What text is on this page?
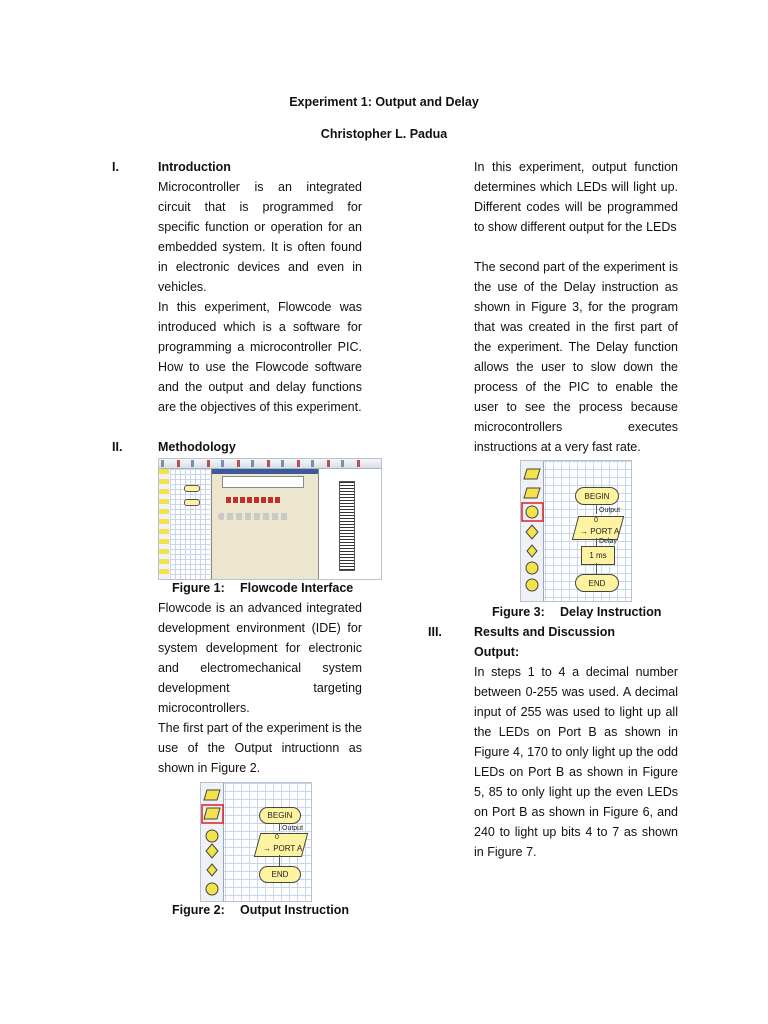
Experiment 1: Output and Delay
Christopher L. Padua
I.	Introduction
Microcontroller is an integrated circuit that is programmed for specific function or operation for an embedded system. It is often found in electronic devices and even in vehicles.
In this experiment, Flowcode was introduced which is a software for programming a microcontroller PIC. How to use the Flowcode software and the output and delay functions are the objectives of this experiment.
II.	Methodology
Figure 1: Flowcode Interface
Flowcode is an advanced integrated development environment (IDE) for system development for electronic and electromechanical system development targeting microcontrollers.
The first part of the experiment is the use of the Output intructionn as shown in Figure 2.
BEGIN
Output
0
→ PORT A
END
Figure 2: Output Instruction
In this experiment, output function determines which LEDs will light up. Different codes will be programmed to show different output for the LEDs
The second part of the experiment is the use of the Delay instruction as shown in Figure 3, for the program that was created in the first part of the experiment. The Delay function allows the user to slow down the process of the PIC to enable the user to see the process because microcontrollers executes instructions at a very fast rate.
BEGIN
Output
0
→ PORT A
Delay
1 ms
END
Figure 3: Delay Instruction
III.	Results and Discussion
Output:
In steps 1 to 4 a decimal number between 0-255 was used. A decimal input of 255 was used to light up all the LEDs on Port B as shown in Figure 4, 170 to only light up the odd LEDs on Port B as shown in Figure 5, 85 to only light up the even LEDs on Port B as shown in Figure 6, and 240 to light up bits 4 to 7 as shown in Figure 7.
